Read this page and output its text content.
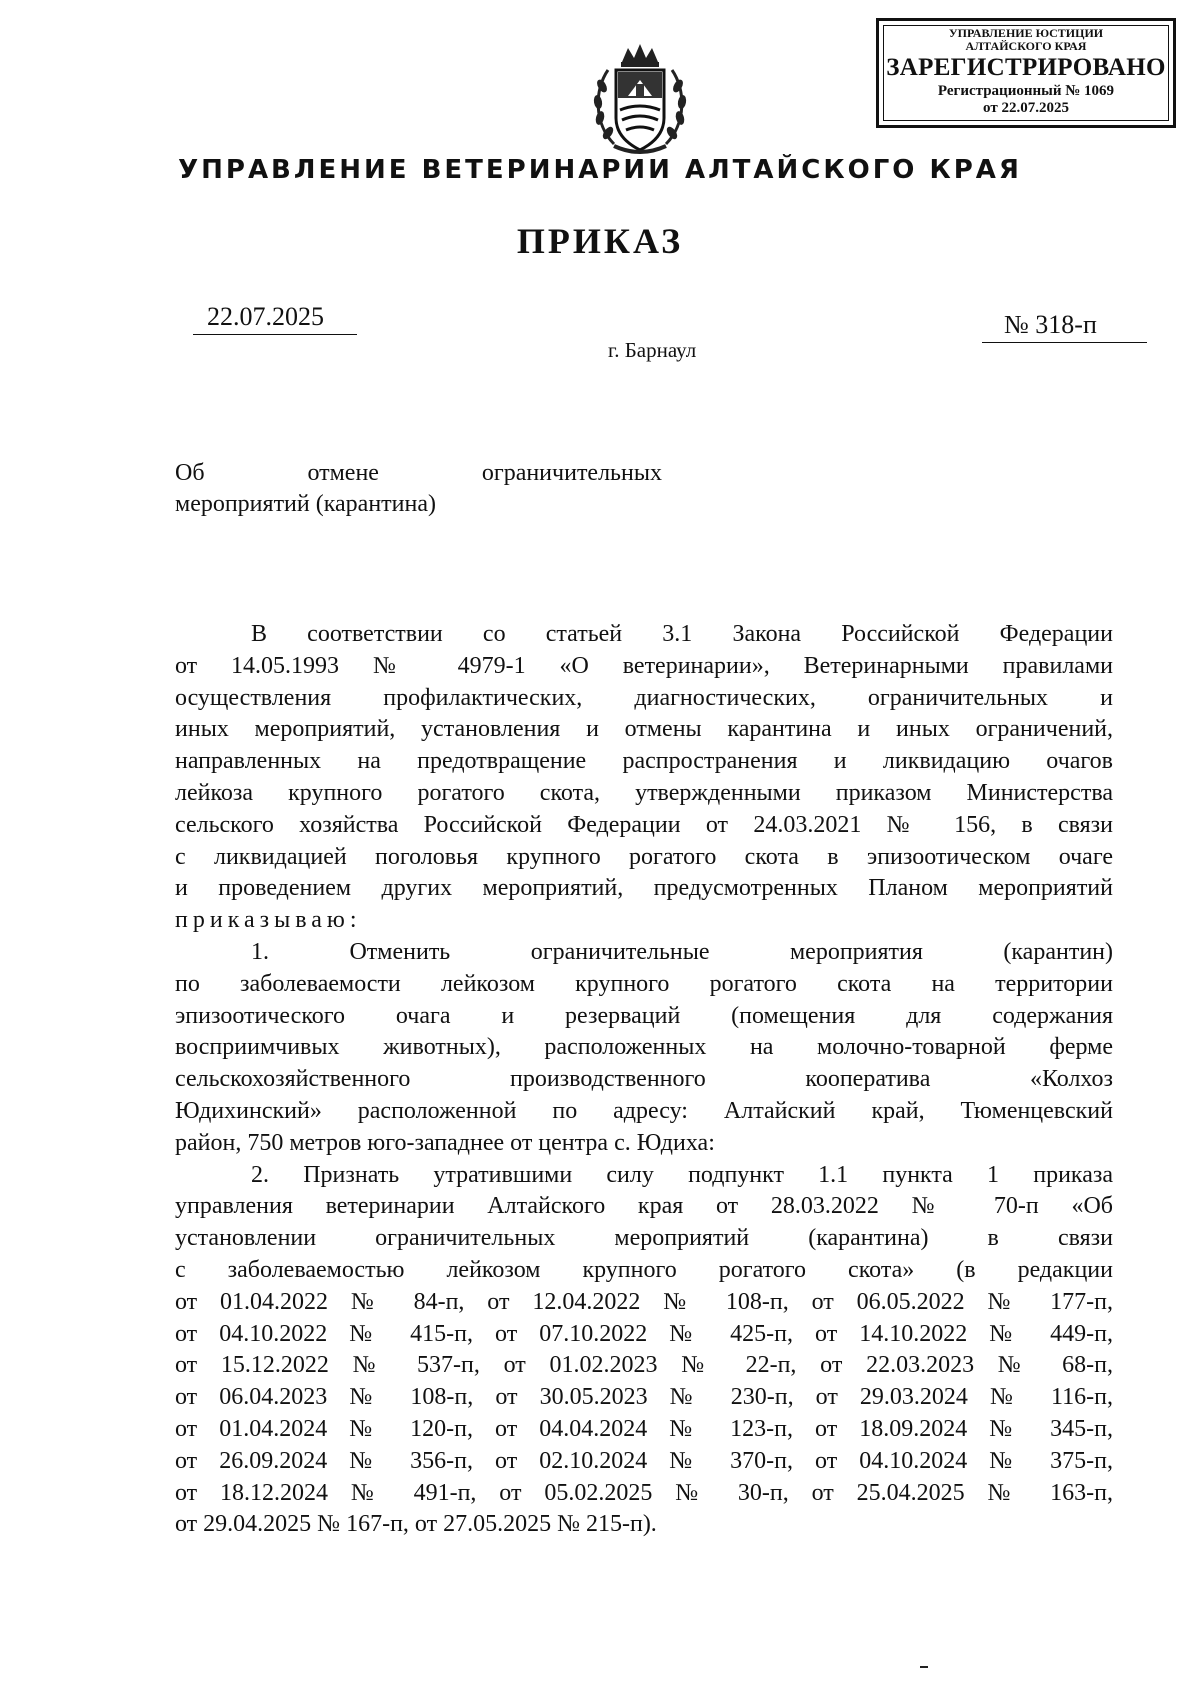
УПРАВЛЕНИЕ ЮСТИЦИИ
АЛТАЙСКОГО КРАЯ
ЗАРЕГИСТРИРОВАНО
Регистрационный № 1069
от 22.07.2025
УПРАВЛЕНИЕ ВЕТЕРИНАРИИ АЛТАЙСКОГО КРАЯ
ПРИКАЗ
22.07.2025	№ 318-п
г. Барнаул
Об	отмене	ограничительных
мероприятий (карантина)

В соответствии со статьей 3.1 Закона Российской Федерации

от 14.05.1993 № 4979-1 «О ветеринарии», Ветеринарными правилами

осуществления профилактических, диагностических, ограничительных и

иных мероприятий, установления и отмены карантина и иных ограничений,

направленных на предотвращение распространения и ликвидацию очагов

лейкоза крупного рогатого скота, утвержденными приказом Министерства

сельского хозяйства Российской Федерации от 24.03.2021 № 156, в связи

с ликвидацией поголовья крупного рогатого скота в эпизоотическом очаге

и проведением других мероприятий, предусмотренных Планом мероприятий

приказываю:

1. Отменить ограничительные мероприятия (карантин)

по заболеваемости лейкозом крупного рогатого скота на территории

эпизоотического очага и резерваций (помещения для содержания

восприимчивых животных), расположенных на молочно-товарной ферме

сельскохозяйственного производственного кооператива «Колхоз

Юдихинский» расположенной по адресу: Алтайский край, Тюменцевский

район, 750 метров юго-западнее от центра с. Юдиха:

2. Признать утратившими силу подпункт 1.1 пункта 1 приказа

управления ветеринарии Алтайского края от 28.03.2022 № 70-п «Об

установлении ограничительных мероприятий (карантина) в связи

с заболеваемостью лейкозом крупного рогатого скота» (в редакции

от 01.04.2022 № 84-п, от 12.04.2022 № 108-п, от 06.05.2022 № 177-п,

от 04.10.2022 № 415-п, от 07.10.2022 № 425-п, от 14.10.2022 № 449-п,

от 15.12.2022 № 537-п, от 01.02.2023 № 22-п, от 22.03.2023 № 68-п,

от 06.04.2023 № 108-п, от 30.05.2023 № 230-п, от 29.03.2024 № 116-п,

от 01.04.2024 № 120-п, от 04.04.2024 № 123-п, от 18.09.2024 № 345-п,

от 26.09.2024 № 356-п, от 02.10.2024 № 370-п, от 04.10.2024 № 375-п,

от 18.12.2024 № 491-п, от 05.02.2025 № 30-п, от 25.04.2025 № 163-п,

от 29.04.2025 № 167-п, от 27.05.2025 № 215-п).
